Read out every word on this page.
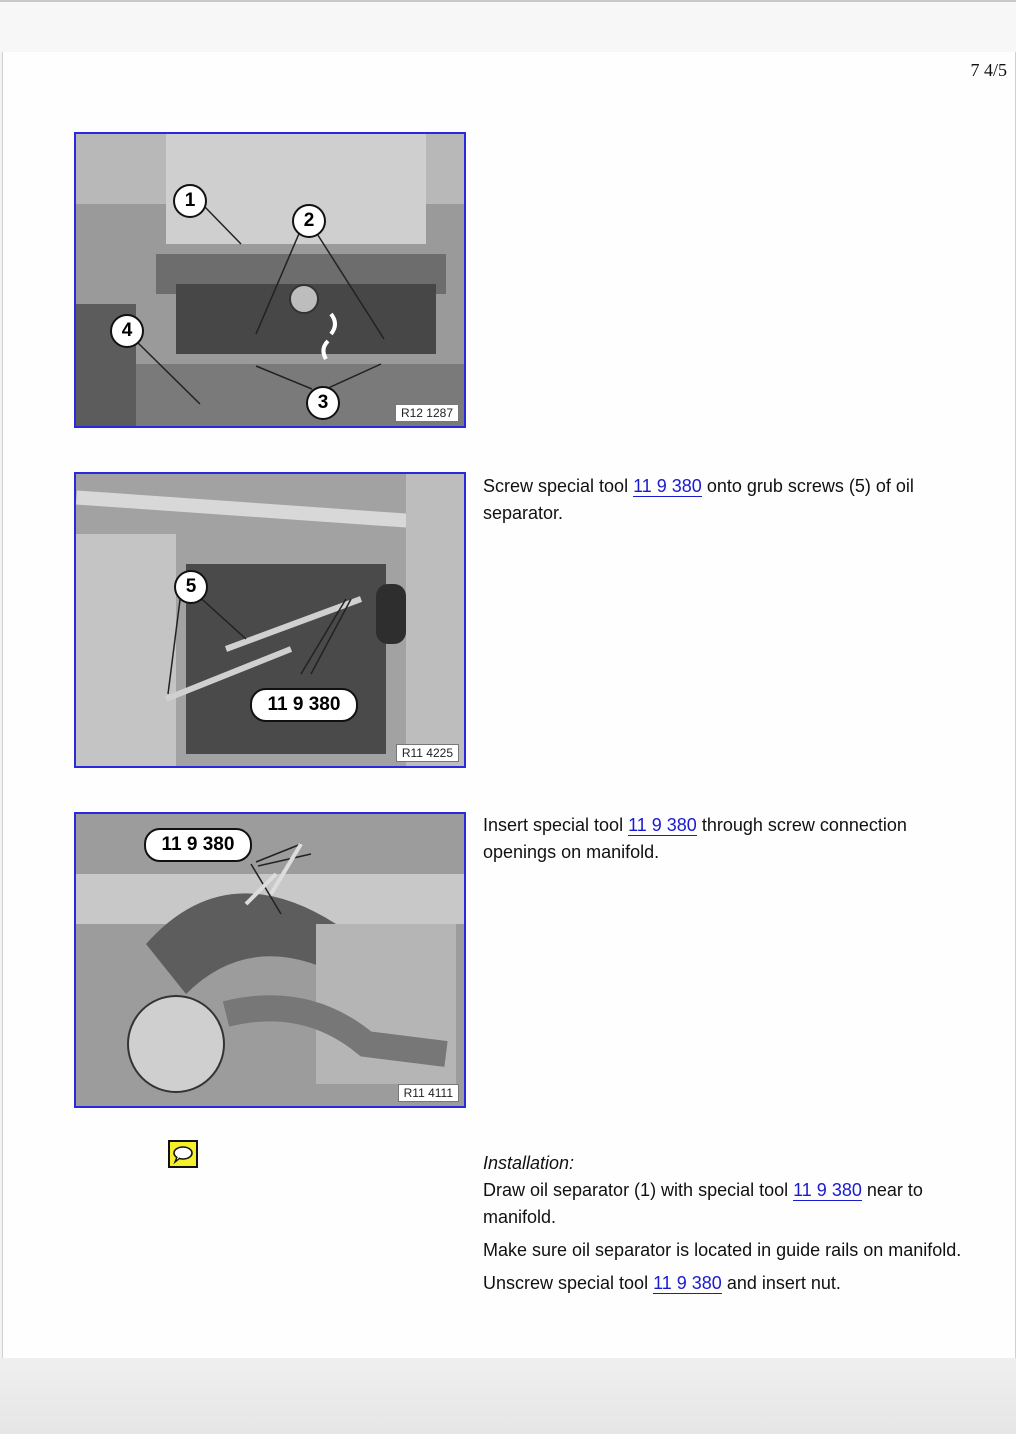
7 4/5
1
2
3
4
R12 1287
5
11 9 380
R11 4225
11 9 380
R11 4111

Screw special tool 11 9 380 onto grub screws (5) of oil separator.

Insert special tool 11 9 380 through screw connection openings on manifold.

Installation:

Draw oil separator (1) with special tool 11 9 380 near to manifold.

Make sure oil separator is located in guide rails on manifold.

Unscrew special tool 11 9 380 and insert nut.
